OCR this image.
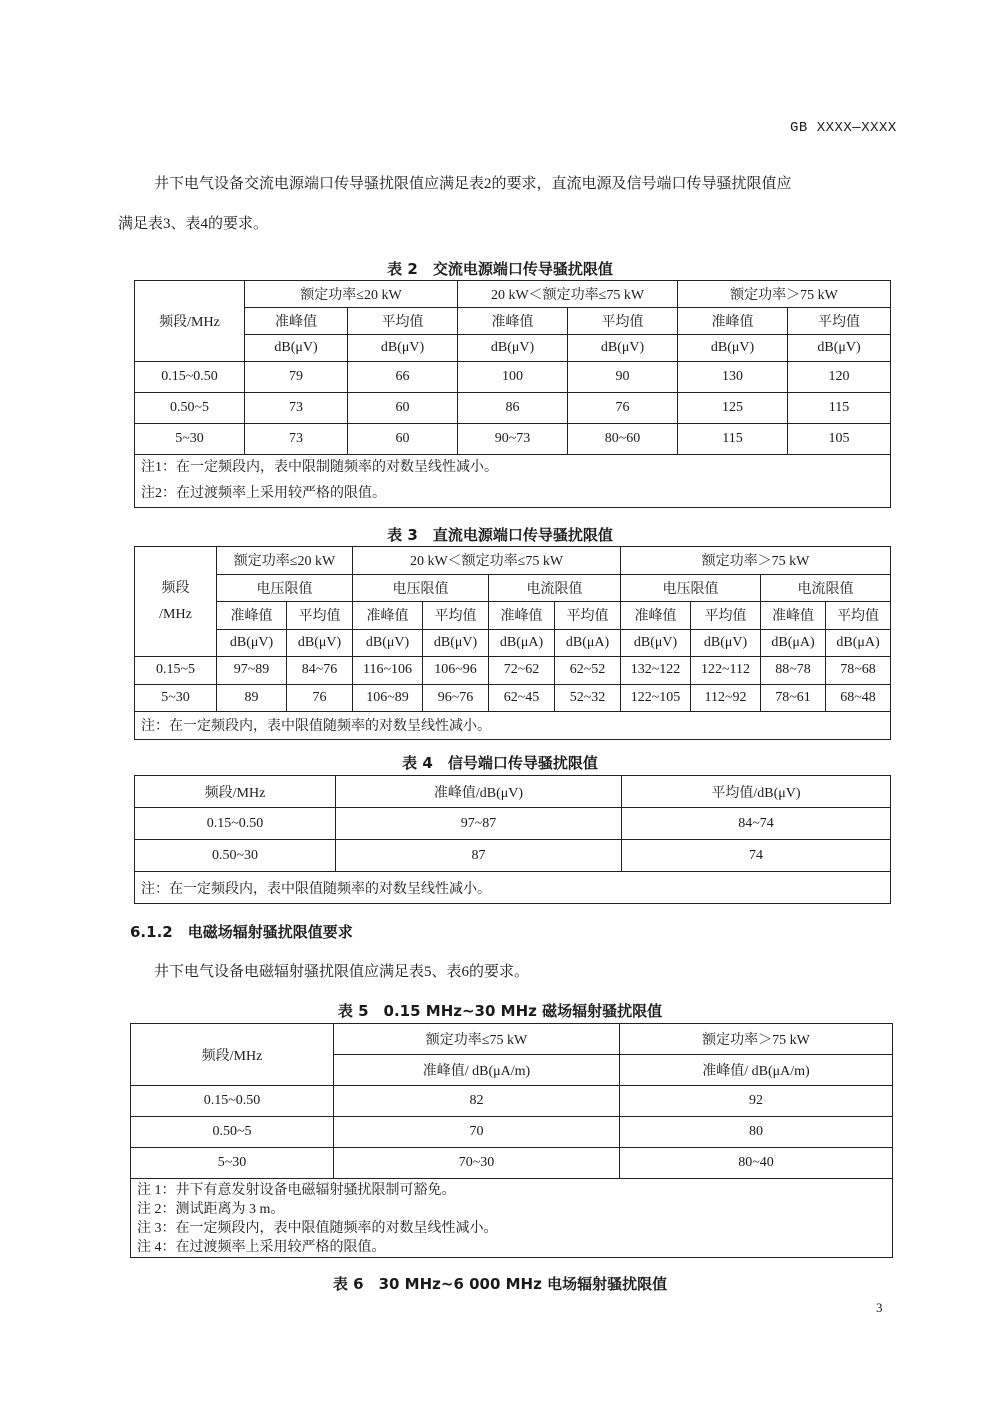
GB XXXX—XXXX

井下电气设备交流电源端口传导骚扰限值应满足表2的要求，直流电源及信号端口传导骚扰限值应

满足表3、表4的要求。

表 2　交流电源端口传导骚扰限值
频段/MHz	额定功率≤20 kW		20 kW＜额定功率≤75 kW		额定功率＞75 kW	
	准峰值	平均值	准峰值	平均值	准峰值	平均值
	dB(μV)	dB(μV)	dB(μV)	dB(μV)	dB(μV)	dB(μV)
0.15~0.50	79	66	100	90	130	120
0.50~5	73	60	86	76	125	115
5~30	73	60	90~73	80~60	115	105

注1：在一定频段内，表中限制随频率的对数呈线性减小。
注2：在过渡频率上采用较严格的限值。						
表 3　直流电源端口传导骚扰限值
频段
/MHz	额定功率≤20 kW		20 kW＜额定功率≤75 kW				额定功率＞75 kW			
	电压限值		电压限值		电流限值		电压限值		电流限值	
	准峰值	平均值	准峰值	平均值	准峰值	平均值	准峰值	平均值	准峰值	平均值
	dB(μV)	dB(μV)	dB(μV)	dB(μV)	dB(μA)	dB(μA)	dB(μV)	dB(μV)	dB(μA)	dB(μA)
0.15~5	97~89	84~76	116~106	106~96	72~62	62~52	132~122	122~112	88~78	78~68
5~30	89	76	106~89	96~76	62~45	52~32	122~105	112~92	78~61	68~48
注：在一定频段内，表中限值随频率的对数呈线性减小。										
表 4　信号端口传导骚扰限值
频段/MHz	准峰值/dB(μV)	平均值/dB(μV)
0.15~0.50	97~87	84~74
0.50~30	87	74
注：在一定频段内，表中限值随频率的对数呈线性减小。		
6.1.2　电磁场辐射骚扰限值要求

井下电气设备电磁辐射骚扰限值应满足表5、表6的要求。

表 5　0.15 MHz~30 MHz 磁场辐射骚扰限值
频段/MHz	额定功率≤75 kW	额定功率＞75 kW
	准峰值/ dB(μA/m)	准峰值/ dB(μA/m)
0.15~0.50	82	92
0.50~5	70	80
5~30	70~30	80~40

注 1：井下有意发射设备电磁辐射骚扰限制可豁免。
注 2：测试距离为 3 m。
注 3：在一定频段内，表中限值随频率的对数呈线性减小。
注 4：在过渡频率上采用较严格的限值。		
表 6　30 MHz~6 000 MHz 电场辐射骚扰限值
3
